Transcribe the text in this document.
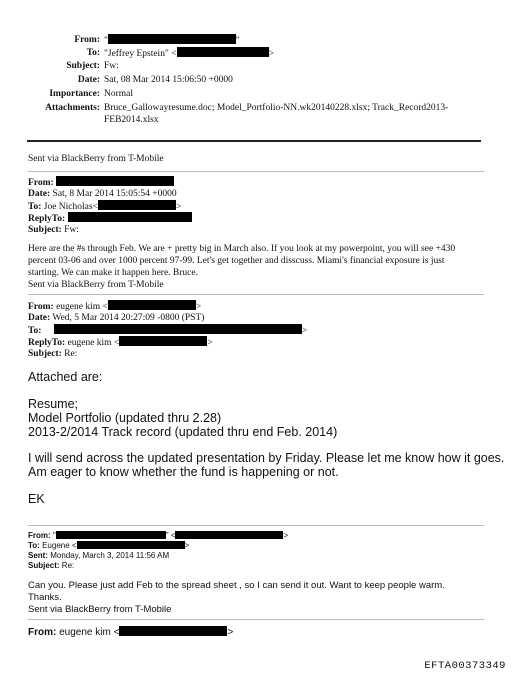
From: "	"
To: "Jeffrey Epstein" <	>
Subject: Fw:
Date: Sat, 08 Mar 2014 15:06:50 +0000
Importance: Normal
Attachments: Bruce_Gallowayresume.doc; Model_Portfolio-NN.wk20140228.xlsx; Track_Record2013-
FEB2014.xlsx
Sent via BlackBerry from T-Mobile
From:
Date: Sat, 8 Mar 2014 15:05:54 +0000
To: Joe Nicholas<	>
ReplyTo:
Subject: Fw:
Here are the #s through Feb. We are + pretty big in March also. If you look at my powerpoint, you will see +430
percent 03-06 and over 1000 percent 97-99. Let's get together and disscuss. Miami's financial exposure is just
starting. We can make it happen here. Bruce.
Sent via BlackBerry from T-Mobile
From: eugene kim <	>
Date: Wed, 5 Mar 2014 20:27:09 -0800 (PST)
To:	>
ReplyTo: eugene kim <	>
Subject: Re:
Attached are:
Resume;
Model Portfolio (updated thru 2.28)
2013-2/2014 Track record (updated thru end Feb. 2014)
I will send across the updated presentation by Friday. Please let me know how it goes.
Am eager to know whether the fund is happening or not.
EK
From: "	" <	>
To: Eugene <	>
Sent: Monday, March 3, 2014 11:56 AM
Subject: Re:
Can you. Please just add Feb to the spread sheet , so I can send it out. Want to keep people warm.
Thanks.
Sent via BlackBerry from T-Mobile
From: eugene kim <	>
EFTA00373349
